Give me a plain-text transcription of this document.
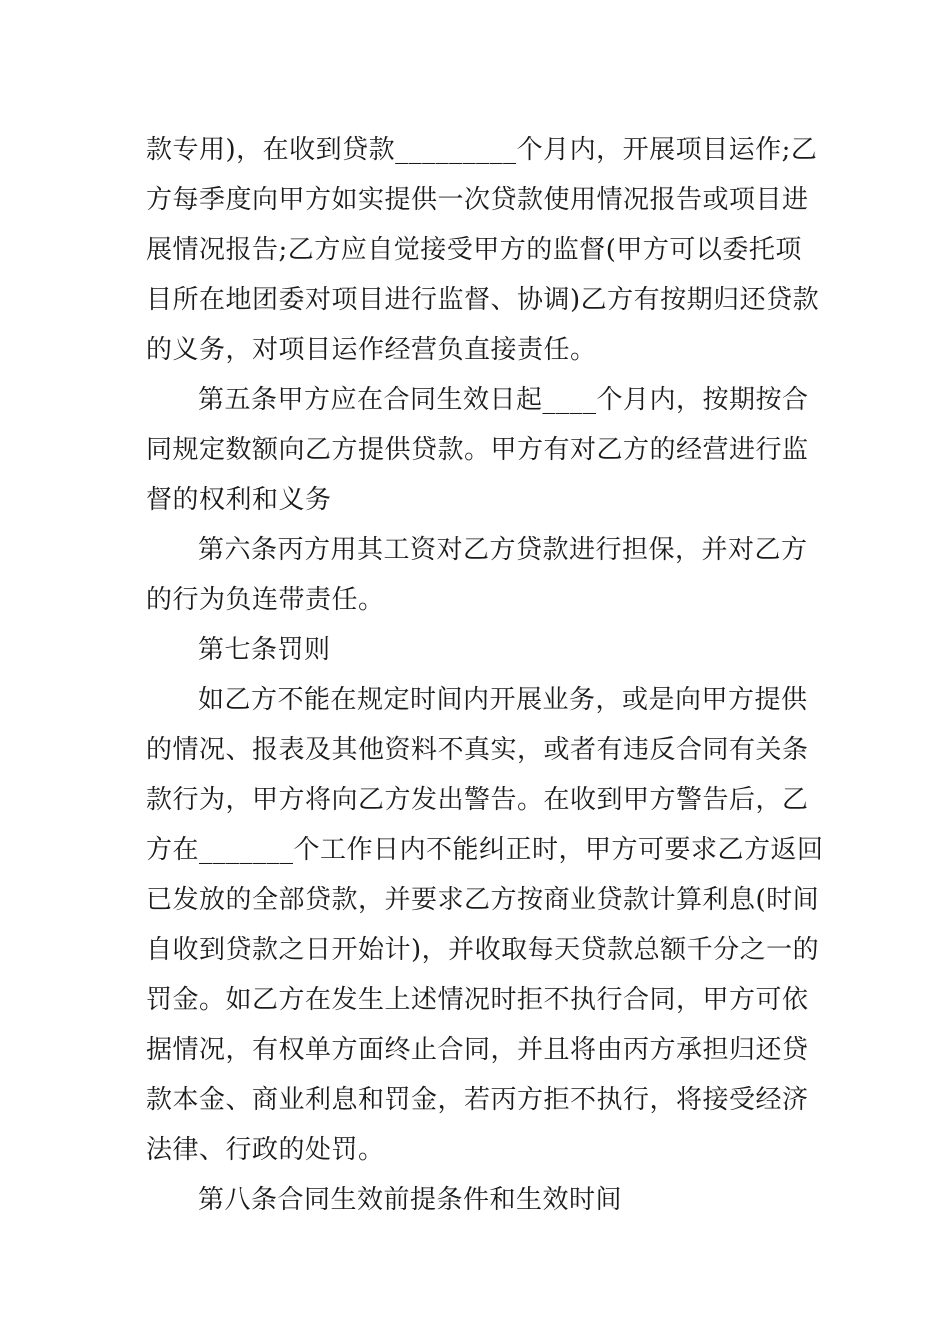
款专用)，在收到贷款_________个月内，开展项目运作;乙
方每季度向甲方如实提供一次贷款使用情况报告或项目进
展情况报告;乙方应自觉接受甲方的监督(甲方可以委托项
目所在地团委对项目进行监督、协调)乙方有按期归还贷款
的义务，对项目运作经营负直接责任。
第五条甲方应在合同生效日起____个月内，按期按合
同规定数额向乙方提供贷款。甲方有对乙方的经营进行监
督的权利和义务
第六条丙方用其工资对乙方贷款进行担保，并对乙方
的行为负连带责任。
第七条罚则
如乙方不能在规定时间内开展业务，或是向甲方提供
的情况、报表及其他资料不真实，或者有违反合同有关条
款行为，甲方将向乙方发出警告。在收到甲方警告后，乙
方在_______个工作日内不能纠正时，甲方可要求乙方返回
已发放的全部贷款，并要求乙方按商业贷款计算利息(时间
自收到贷款之日开始计)，并收取每天贷款总额千分之一的
罚金。如乙方在发生上述情况时拒不执行合同，甲方可依
据情况，有权单方面终止合同，并且将由丙方承担归还贷
款本金、商业利息和罚金，若丙方拒不执行，将接受经济
法律、行政的处罚。
第八条合同生效前提条件和生效时间
